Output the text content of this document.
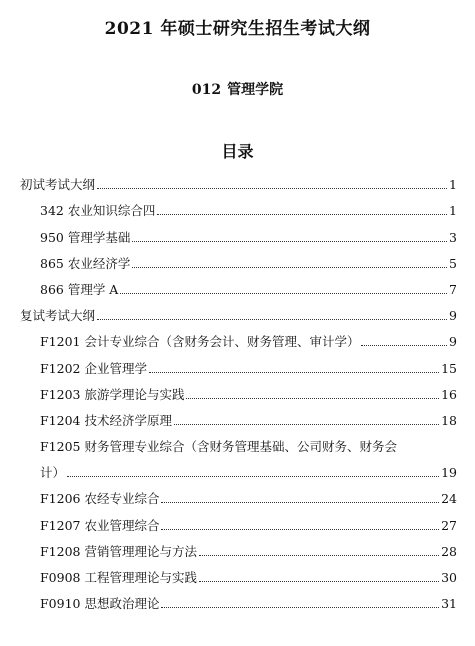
2021 年硕士研究生招生考试大纲
012 管理学院
目录
初试考试大纲	1
342 农业知识综合四	1
950 管理学基础	3
865 农业经济学	5
866 管理学 A	7
复试考试大纲	9
F1201 会计专业综合（含财务会计、财务管理、审计学）	9
F1202 企业管理学	15
F1203 旅游学理论与实践	16
F1204 技术经济学原理	18
F1205 财务管理专业综合（含财务管理基础、公司财务、财务会
计）	19
F1206 农经专业综合	24
F1207 农业管理综合	27
F1208 营销管理理论与方法	28
F0908 工程管理理论与实践	30
F0910 思想政治理论	31
